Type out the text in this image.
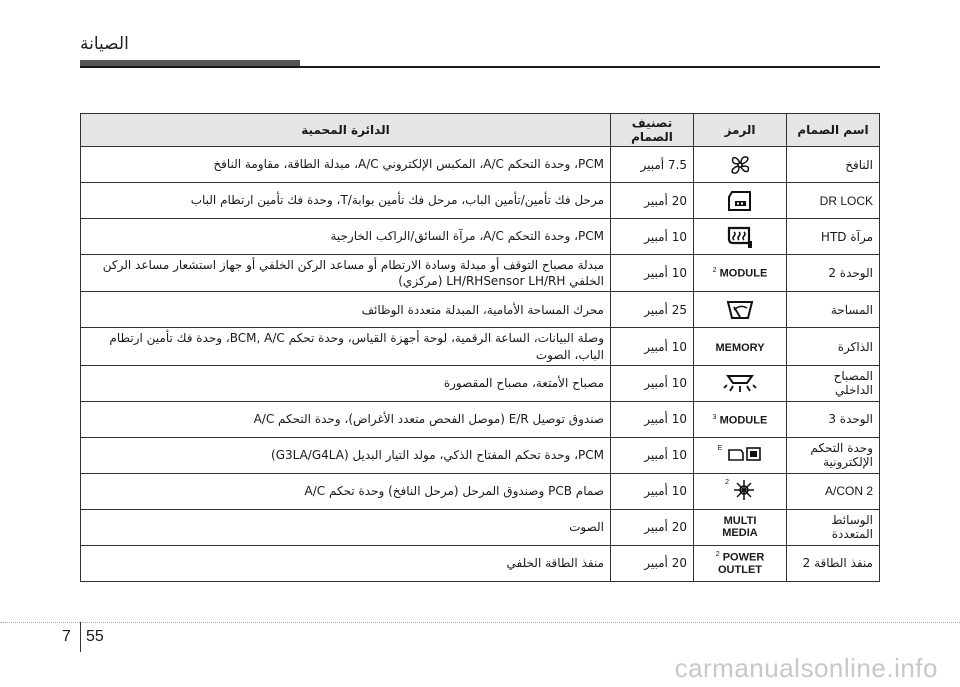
الصيانة
اسم الصمام	الرمز	تصنيف الصمام	الدائرة المحمية
النافخ		7.5 أمبير	PCM، وحدة التحكم A/C، المكبس الإلكتروني A/C، مبدلة الطاقة، مقاومة النافخ
DR LOCK		20 أمبير	مرحل فك تأمين/تأمين الباب، مرحل فك تأمين بوابة/T، وحدة فك تأمين ارتطام الباب
مرآة HTD		10 أمبير	PCM، وحدة التحكم A/C، مرآة السائق/الراكب الخارجية
الوحدة 2	$^2$ MODULE	10 أمبير	مبدلة مصباح التوقف أو مبدلة وسادة الارتطام أو مساعد الركن الخلفي أو جهاز استشعار مساعد الركن الخلفي LH/RHSensor LH/RH (مركزي)
المساحة		25 أمبير	محرك المساحة الأمامية، المبدلة متعددة الوظائف
الذاكرة	MEMORY	10 أمبير	وصلة البيانات، الساعة الرقمية، لوحة أجهزة القياس، وحدة تحكم BCM, A/C، وحدة فك تأمين ارتطام الباب، الصوت
المصباح الداخلي		10 أمبير	مصباح الأمتعة، مصباح المقصورة
الوحدة 3	$^3$ MODULE	10 أمبير	صندوق توصيل E/R (موصل الفحص متعدد الأغراض)، وحدة التحكم A/C
وحدة التحكم الإلكترونية	$^E$	10 أمبير	PCM، وحدة تحكم المفتاح الذكي، مولد التيار البديل (G3LA/G4LA)
A/CON 2	$^2$	10 أمبير	صمام PCB وصندوق المرحل (مرحل النافخ) وحدة تحكم A/C
الوسائط المتعددة	MULTI MEDIA	20 أمبير	الصوت
منفذ الطاقة 2	$^2$ POWER OUTLET	20 أمبير	منفذ الطاقة الخلفي
7 55
carmanualsonline.info
